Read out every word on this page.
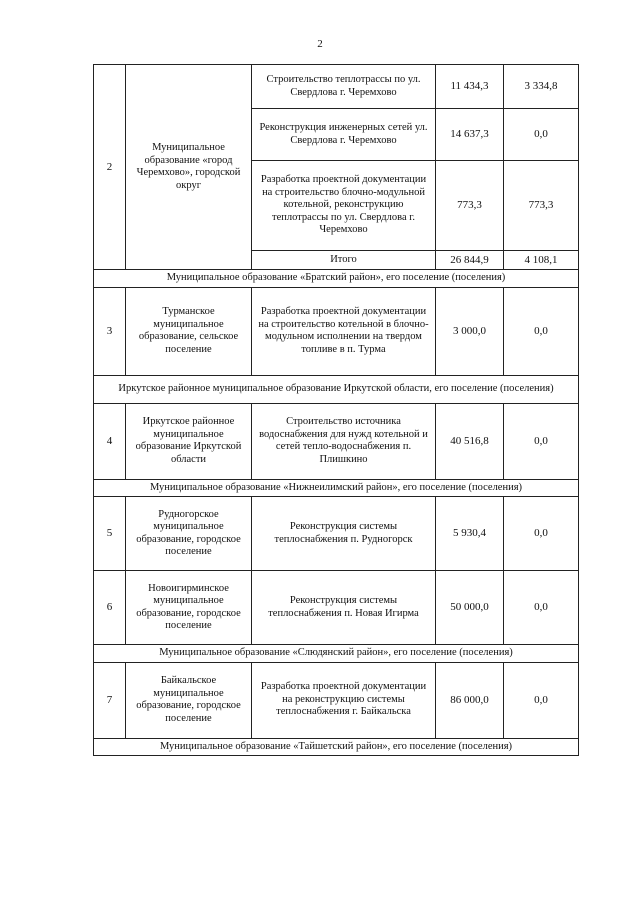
2
2	Муниципальное образование «город Черемхово», городской округ	Строительство теплотрассы по ул. Свердлова г. Черемхово	11 434,3	3 334,8
		Реконструкция инженерных сетей ул. Свердлова г. Черемхово	14 637,3	0,0
		Разработка проектной документации на строительство блочно-модульной котельной, реконструкцию теплотрассы по ул. Свердлова г. Черемхово	773,3	773,3
		Итого	26 844,9	4 108,1
Муниципальное образование «Братский район», его поселение (поселения)				
3	Турманское муниципальное образование, сельское поселение	Разработка проектной документации на строительство котельной в блочно-модульном исполнении на твердом топливе в п. Турма	3 000,0	0,0
Иркутское районное муниципальное образование Иркутской области, его поселение (поселения)				
4	Иркутское районное муниципальное образование Иркутской области	Строительство источника водоснабжения для нужд котельной и сетей тепло-водоснабжения п. Плишкино	40 516,8	0,0
Муниципальное образование «Нижнеилимский район», его поселение (поселения)				
5	Рудногорское муниципальное образование, городское поселение	Реконструкция системы теплоснабжения п. Рудногорск	5 930,4	0,0
6	Новоигирминское муниципальное образование, городское поселение	Реконструкция системы теплоснабжения п. Новая Игирма	50 000,0	0,0
Муниципальное образование «Слюдянский район», его поселение (поселения)				
7	Байкальское муниципальное образование, городское поселение	Разработка проектной документации на реконструкцию системы теплоснабжения г. Байкальска	86 000,0	0,0
Муниципальное образование «Тайшетский район», его поселение (поселения)				
